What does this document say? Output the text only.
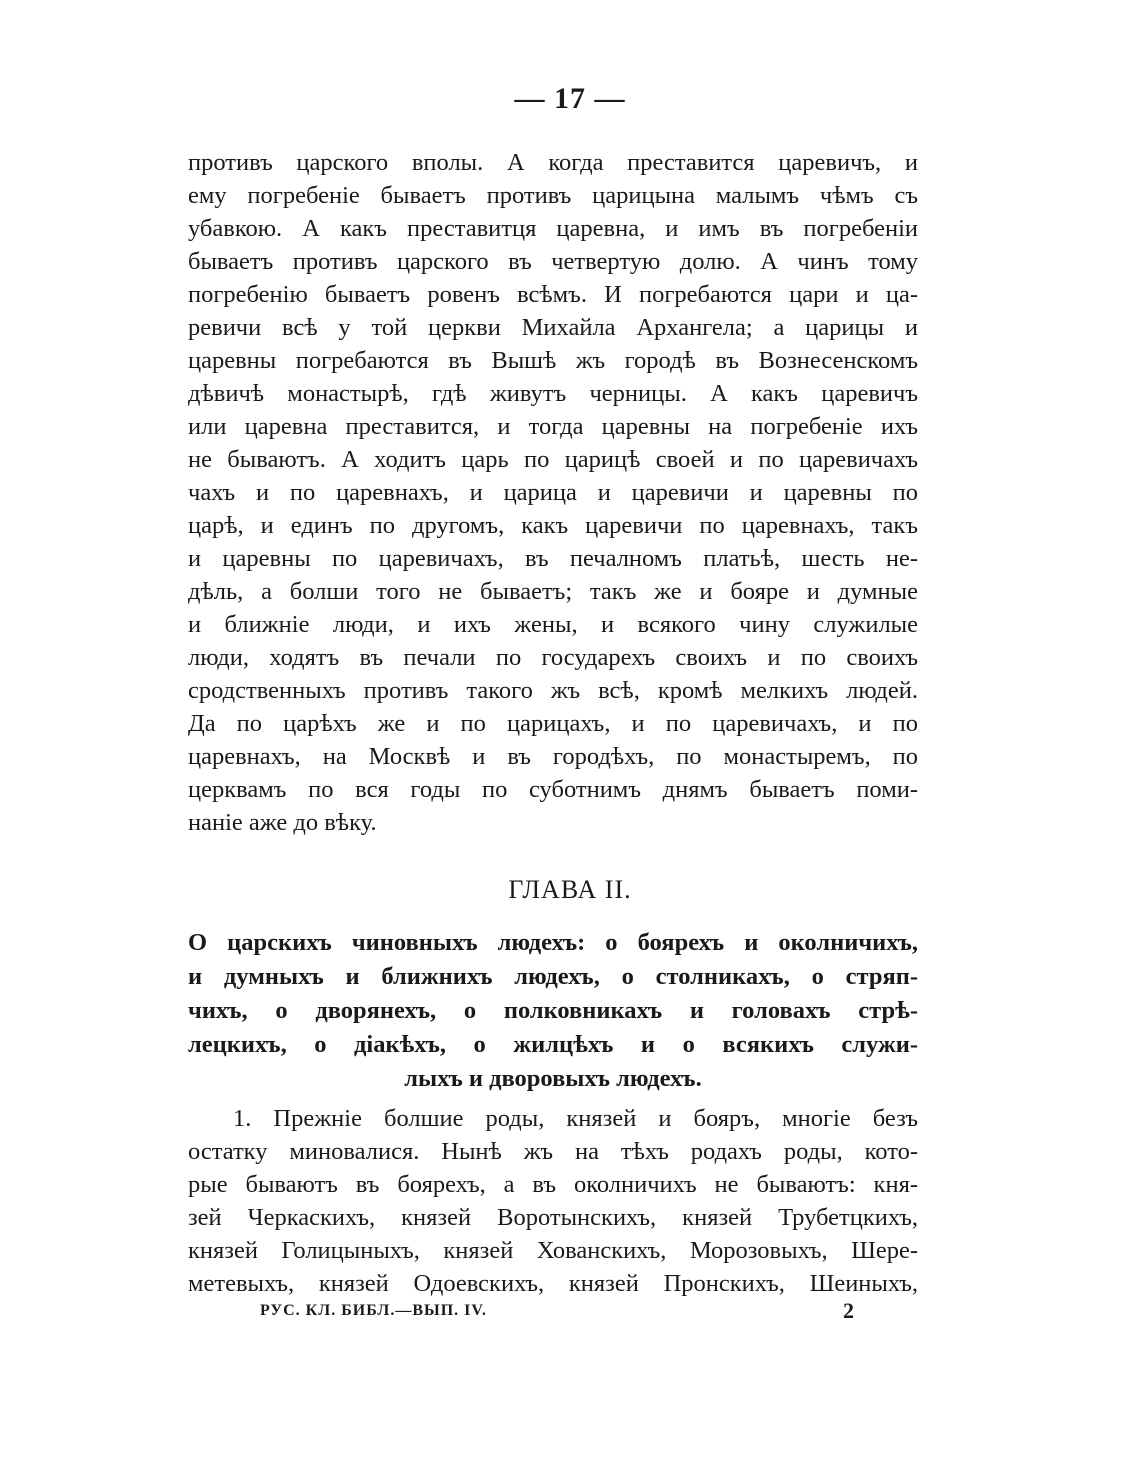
— 17 —
противъ царского вполы. А когда преставится царевичъ, и
ему погребеніе бываетъ противъ царицына малымъ чѣмъ съ
убавкою. А какъ преставитця царевна, и имъ въ погребеніи
бываетъ противъ царского въ четвертую долю. А чинъ тому
погребенію бываетъ ровенъ всѣмъ. И погребаются цари и ца-
ревичи всѣ у той церкви Михайла Архангела; а царицы и
царевны погребаются въ Вышѣ жъ городѣ въ Вознесенскомъ
дѣвичѣ монастырѣ, гдѣ живутъ черницы. А какъ царевичъ
или царевна преставится, и тогда царевны на погребеніе ихъ
не бываютъ. А ходитъ царь по царицѣ своей и по царевичахъ
чахъ и по царевнахъ, и царица и царевичи и царевны по
царѣ, и единъ по другомъ, какъ царевичи по царевнахъ, такъ
и царевны по царевичахъ, въ печалномъ платьѣ, шесть не-
дѣль, а болши того не бываетъ; такъ же и бояре и думные
и ближніе люди, и ихъ жены, и всякого чину служилые
люди, ходятъ въ печали по государехъ своихъ и по своихъ
сродственныхъ противъ такого жъ всѣ, кромѣ мелкихъ людей.
Да по царѣхъ же и по царицахъ, и по царевичахъ, и по
царевнахъ, на Москвѣ и въ городѣхъ, по монастыремъ, по
церквамъ по вся годы по суботнимъ днямъ бываетъ поми-
наніе аже до вѣку.
ГЛАВА II.
О царскихъ чиновныхъ людехъ: о боярехъ и околничихъ,
и думныхъ и ближнихъ людехъ, о столникахъ, о стряп-
чихъ, о дворянехъ, о полковникахъ и головахъ стрѣ-
лецкихъ, о діакѣхъ, о жилцѣхъ и о всякихъ служи-
лыхъ и дворовыхъ людехъ.
1. Прежніе болшие роды, князей и бояръ, многіе безъ
остатку миновалися. Нынѣ жъ на тѣхъ родахъ роды, кото-
рые бываютъ въ боярехъ, а въ околничихъ не бываютъ: кня-
зей Черкаскихъ, князей Воротынскихъ, князей Трубетцкихъ,
князей Голицыныхъ, князей Хованскихъ, Морозовыхъ, Шере-
метевыхъ, князей Одоевскихъ, князей Пронскихъ, Шеиныхъ,
РУС. КЛ. БИБЛ.—ВЫП. IV.	2
